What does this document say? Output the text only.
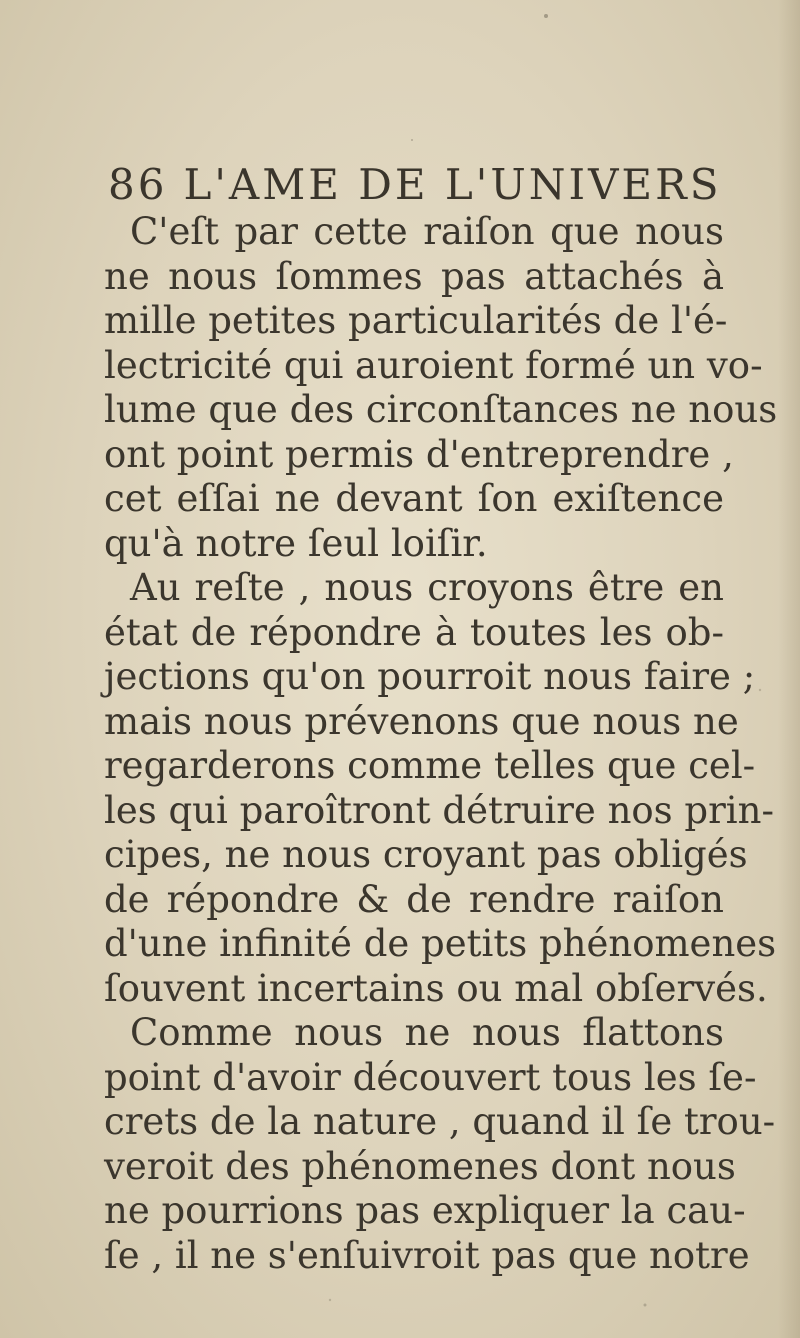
86 L'AME DE L'UNIVERS
C'eſt par cette raiſon que nous
ne nous ſommes pas attachés à
mille petites particularités de l'é-
lectricité qui auroient formé un vo-
lume que des circonſtances ne nous
ont point permis d'entreprendre ,
cet eſſai ne devant ſon exiſtence
qu'à notre ſeul loiſir.
Au reſte , nous croyons être en
état de répondre à toutes les ob-
jections qu'on pourroit nous faire ;
mais nous prévenons que nous ne
regarderons comme telles que cel-
les qui paroîtront détruire nos prin-
cipes, ne nous croyant pas obligés
de répondre & de rendre raiſon
d'une infinité de petits phénomenes
ſouvent incertains ou mal obſervés.
Comme nous ne nous flattons
point d'avoir découvert tous les ſe-
crets de la nature , quand il ſe trou-
veroit des phénomenes dont nous
ne pourrions pas expliquer la cau-
ſe , il ne s'enſuivroit pas que notre
